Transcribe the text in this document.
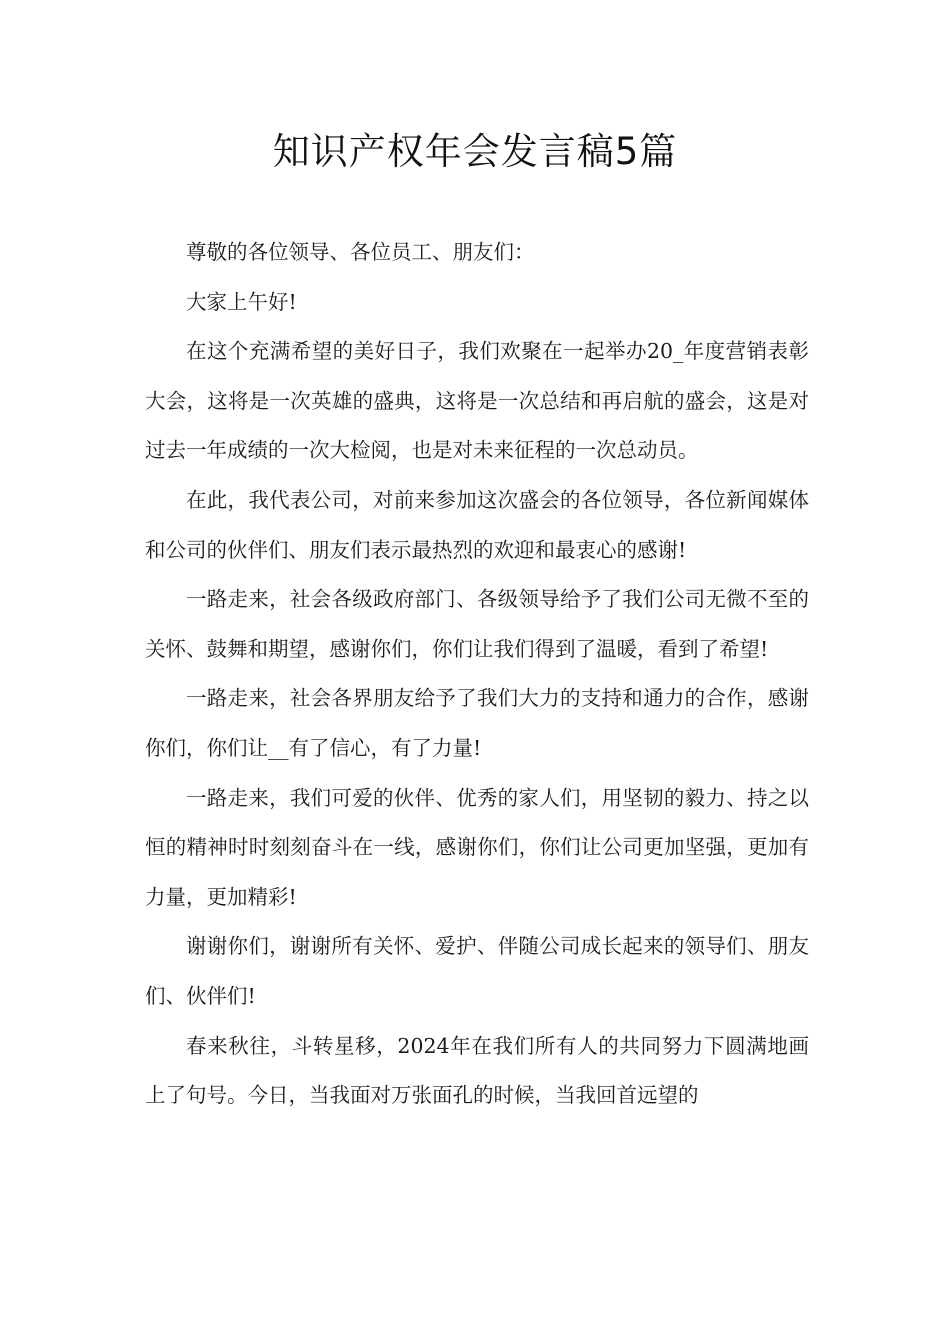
知识产权年会发言稿5篇

尊敬的各位领导、各位员工、朋友们：

大家上午好!

在这个充满希望的美好日子，我们欢聚在一起举办20_年度营销表彰大会，这将是一次英雄的盛典，这将是一次总结和再启航的盛会，这是对过去一年成绩的一次大检阅，也是对未来征程的一次总动员。

在此，我代表公司，对前来参加这次盛会的各位领导，各位新闻媒体和公司的伙伴们、朋友们表示最热烈的欢迎和最衷心的感谢!

一路走来，社会各级政府部门、各级领导给予了我们公司无微不至的关怀、鼓舞和期望，感谢你们，你们让我们得到了温暖，看到了希望!

一路走来，社会各界朋友给予了我们大力的支持和通力的合作，感谢你们，你们让__有了信心，有了力量!

一路走来，我们可爱的伙伴、优秀的家人们，用坚韧的毅力、持之以恒的精神时时刻刻奋斗在一线，感谢你们，你们让公司更加坚强，更加有力量，更加精彩!

谢谢你们，谢谢所有关怀、爱护、伴随公司成长起来的领导们、朋友们、伙伴们!

春来秋往，斗转星移，2024年在我们所有人的共同努力下圆满地画上了句号。今日，当我面对万张面孔的时候，当我回首远望的
